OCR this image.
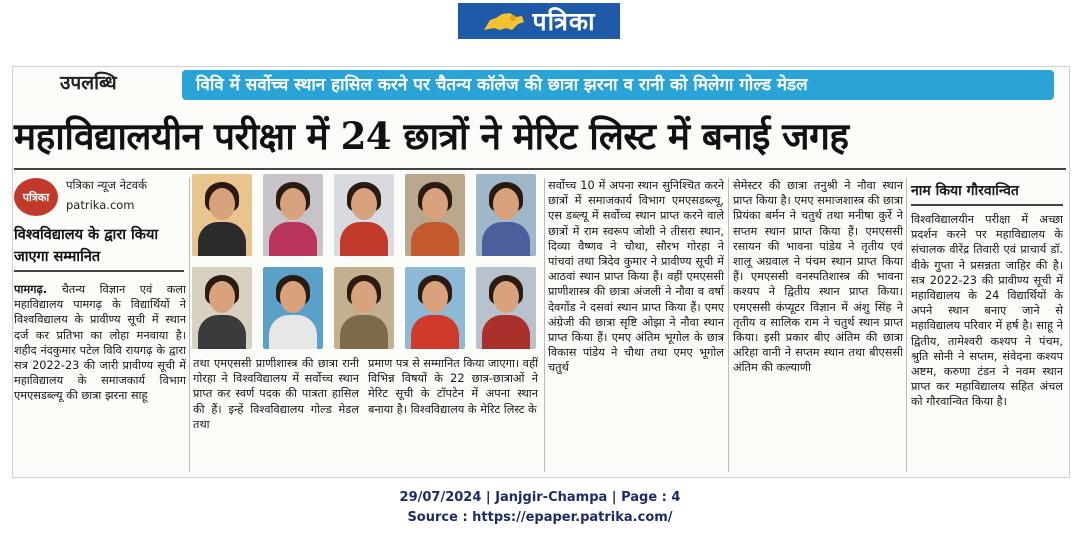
पत्रिका
उपलब्धि	विवि में सर्वोच्च स्थान हासिल करने पर चैतन्य कॉलेज की छात्रा झरना व रानी को मिलेगा गोल्ड मेडल
महाविद्यालयीन परीक्षा में 24 छात्रों ने मेरिट लिस्ट में बनाई जगह
पत्रिका
पत्रिका न्यूज नेटवर्क
patrika.com
विश्वविद्यालय के द्वारा किया जाएगा सम्मानित
पामगढ़. चैतन्य विज्ञान एवं कला महाविद्यालय पामगढ़ के विद्यार्थियों ने विश्वविद्यालय के प्रावीण्य सूची में स्थान दर्ज कर प्रतिभा का लोहा मनवाया है। शहीद नंदकुमार पटेल विवि रायगढ़ के द्वारा सत्र 2022-23 की जारी प्रावीण्य सूची में महाविद्यालय के समाजकार्य विभाग एमएसडब्ल्यू की छात्रा झरना साहू
तथा एमएससी प्राणीशास्त्र की छात्रा रानी गोरहा ने विश्वविद्यालय में सर्वोच्च स्थान प्राप्त कर स्वर्ण पदक की पात्रता हासिल की हैं। इन्हें विश्वविद्यालय गोल्ड मेडल तथा
प्रमाण पत्र से सम्मानित किया जाएगा। वहीं विभिन्न विषयों के 22 छात्र-छात्राओं ने मेरिट सूची के टॉपटेन में अपना स्थान बनाया है। विश्वविद्यालय के मेरिट लिस्ट के
सर्वोच्च 10 में अपना स्थान सुनिश्चित करने छात्रों में समाजकार्य विभाग एमएसडब्ल्यू, एस डब्ल्यू में सर्वोच्च स्थान प्राप्त करने वाले छात्रों में राम स्वरूप जोशी ने तीसरा स्थान, दिव्या वैष्णव ने चौथा, सौरभ गोरहा ने पांचवां तथा त्रिदेव कुमार ने प्रावीण्य सूची में आठवां स्थान प्राप्त किया हैं। वहीं एमएससी प्राणीशास्त्र की छात्रा अंजली ने नौवा व वर्षा देवगोंड ने दसवां स्थान प्राप्त किया हैं। एमए अंग्रेजी की छात्रा सृष्टि ओझा ने नौवा स्थान प्राप्त किया हैं। एमए अंतिम भूगोल के छात्र विकास पांडेय ने चौथा तथा एमए भूगोल चतुर्थ
सेमेस्टर की छात्रा तनुश्री ने नौवा स्थान प्राप्त किया है। एमए समाजशास्त्र की छात्रा प्रियंका बर्मन ने चतुर्थ तथा मनीषा कुर्रे ने सप्तम स्थान प्राप्त किया हैं। एमएससी रसायन की भावना पांडेय ने तृतीय एवं शालू अग्रवाल ने पंचम स्थान प्राप्त किया हैं। एमएससी वनस्पतिशास्त्र की भावना कश्यप ने द्वितीय स्थान प्राप्त किया। एमएससी कंप्यूटर विज्ञान में अंशु सिंह ने तृतीय व सालिक राम ने चतुर्थ स्थान प्राप्त किया। इसी प्रकार बीए अंतिम की छात्रा अरिहा वानी ने सप्तम स्थान तथा बीएससी अंतिम की कल्याणी
नाम किया गौरवान्वित
विश्वविद्यालयीन परीक्षा में अच्छा प्रदर्शन करने पर महाविद्यालय के संचालक वीरेंद्र तिवारी एवं प्राचार्य डॉ. वीके गुप्ता ने प्रसन्नता जाहिर की है। सत्र 2022-23 की प्रावीण्य सूची में महाविद्यालय के 24 विद्यार्थियों के अपने स्थान बनाए जाने से महाविद्यालय परिवार में हर्ष है। साहू ने द्वितीय, तामेश्वरी कश्यप ने पंचम, श्रुति सोनी ने सप्तम, संवेदना कश्यप अष्टम, करुणा टंडन ने नवम स्थान प्राप्त कर महाविद्यालय सहित अंचल को गौरवान्वित किया है।
29/07/2024 | Janjgir-Champa | Page : 4
Source : https://epaper.patrika.com/
